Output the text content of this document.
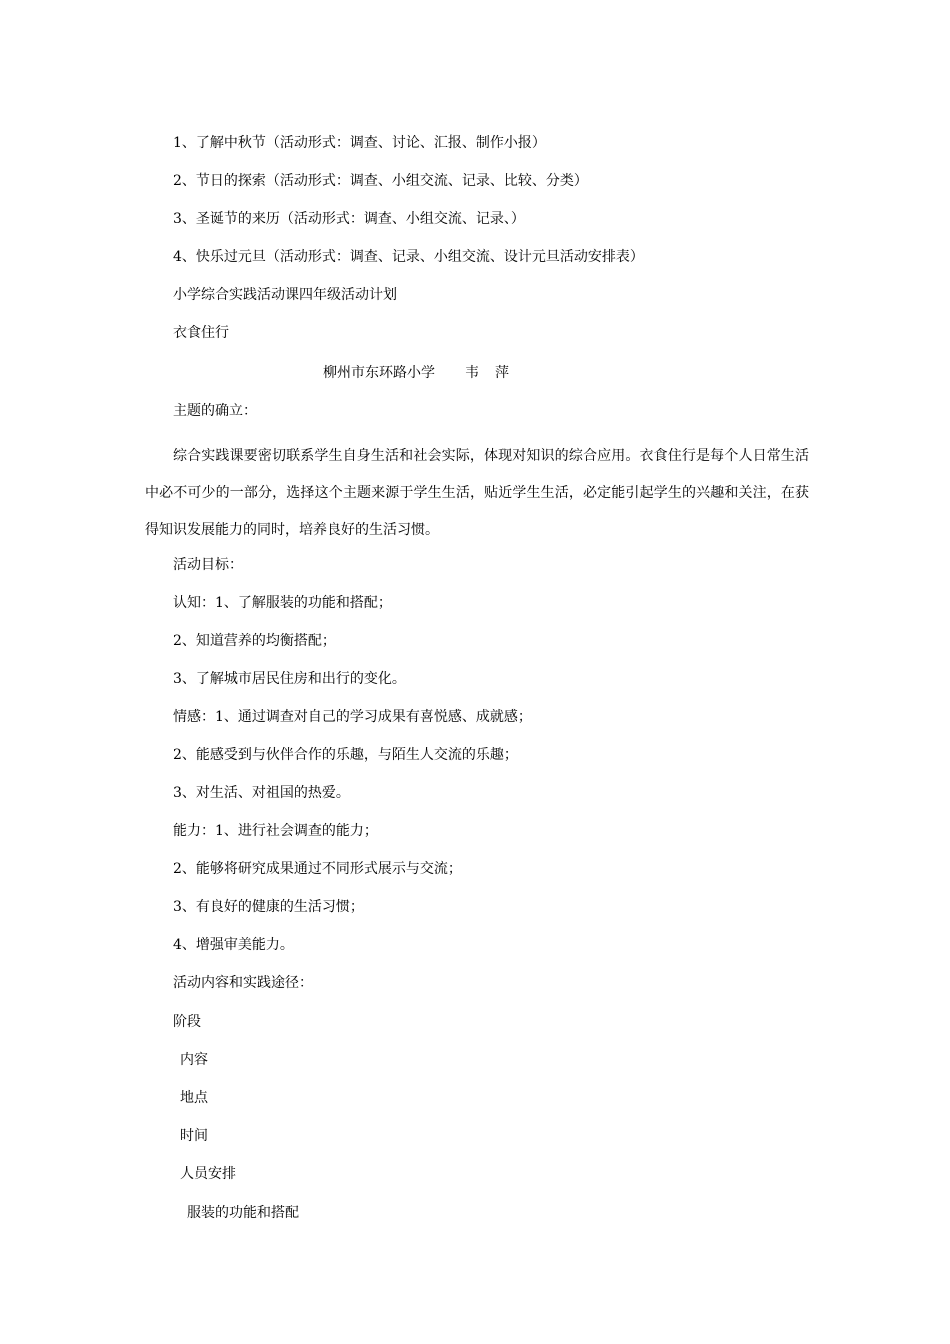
1、了解中秋节（活动形式：调查、讨论、汇报、制作小报）
2、节日的探索（活动形式：调查、小组交流、记录、比较、分类）
3、圣诞节的来历（活动形式：调查、小组交流、记录、）
4、快乐过元旦（活动形式：调查、记录、小组交流、设计元旦活动安排表）
小学综合实践活动课四年级活动计划
衣食住行
柳州市东环路小学 韦 萍
主题的确立：
综合实践课要密切联系学生自身生活和社会实际，体现对知识的综合应用。衣食住行是每个人日常生活中必不可少的一部分，选择这个主题来源于学生生活，贴近学生生活，必定能引起学生的兴趣和关注，在获得知识发展能力的同时，培养良好的生活习惯。
活动目标：
认知：1、了解服装的功能和搭配；
2、知道营养的均衡搭配；
3、了解城市居民住房和出行的变化。
情感：1、通过调查对自己的学习成果有喜悦感、成就感；
2、能感受到与伙伴合作的乐趣，与陌生人交流的乐趣；
3、对生活、对祖国的热爱。
能力：1、进行社会调查的能力；
2、能够将研究成果通过不同形式展示与交流；
3、有良好的健康的生活习惯；
4、增强审美能力。
活动内容和实践途径：
阶段
内容
地点
时间
人员安排
服装的功能和搭配
